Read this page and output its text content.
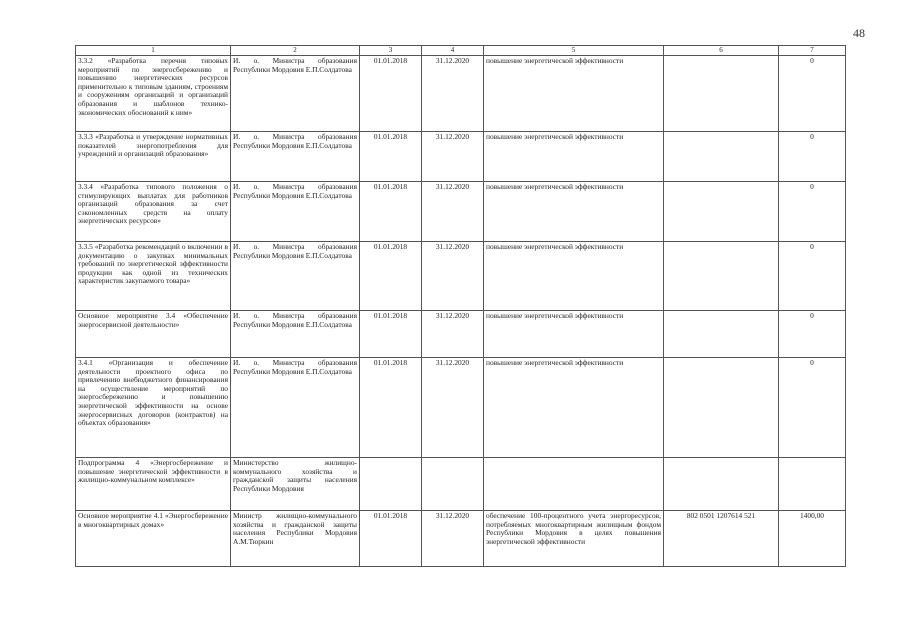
48
1	2	3	4	5	6	7
3.3.2 «Разработка перечня типовых мероприятий по энергосбережению и повышению энергетических ресурсов применительно к типовым зданиям, строениям и сооружениям организаций и организаций образования и шаблонов технико-экономических обоснований к ним»	И. о. Министра образования Республики Мордовия Е.П.Солдатова	01.01.2018	31.12.2020	повышение энергетической эффективности		0
3.3.3 «Разработка и утверждение нормативных показателей энергопотребления для учреждений и организаций образования»	И. о. Министра образования Республики Мордовия Е.П.Солдатова	01.01.2018	31.12.2020	повышение энергетической эффективности		0
3.3.4 «Разработка типового положения о стимулирующих выплатах для работников организаций образования за счет сэкономленных средств на оплату энергетических ресурсов»	И. о. Министра образования Республики Мордовия Е.П.Солдатова	01.01.2018	31.12.2020	повышение энергетической эффективности		0
3.3.5 «Разработка рекомендаций о включении в документацию о закупках минимальных требований по энергетической эффективности продукции как одной из технических характеристик закупаемого товара»	И. о. Министра образования Республики Мордовия Е.П.Солдатова	01.01.2018	31.12.2020	повышение энергетической эффективности		0
Основное мероприятие 3.4 «Обеспечение энергосервисной деятельности»	И. о. Министра образования Республики Мордовия Е.П.Солдатова	01.01.2018	31.12.2020	повышение энергетической эффективности		0
3.4.1 «Организация и обеспечение деятельности проектного офиса по привлечению внебюджетного финансирования на осуществление мероприятий по энергосбережению и повышению энергетической эффективности на основе энергосервисных договоров (контрактов) на объектах образования»	И. о. Министра образования Республики Мордовия Е.П.Солдатова	01.01.2018	31.12.2020	повышение энергетической эффективности		0
Подпрограмма 4 «Энергосбережение и повышение энергетической эффективности в жилищно-коммунальном комплексе»	Министерство жилищно-коммунального хозяйства и гражданской защиты населения Республики Мордовия					
Основное мероприятие 4.1 «Энергосбережение в многоквартирных домах»	Министр жилищно-коммунального хозяйства и гражданской защиты населения Республики Мордовия А.М.Тюркин	01.01.2018	31.12.2020	обеспечение 100-процентного учета энергоресурсов, потребляемых многоквартирным жилищным фондом Республики Мордовия в целях повышения энергетической эффективности	802 0501 1207614 521	1400,00
